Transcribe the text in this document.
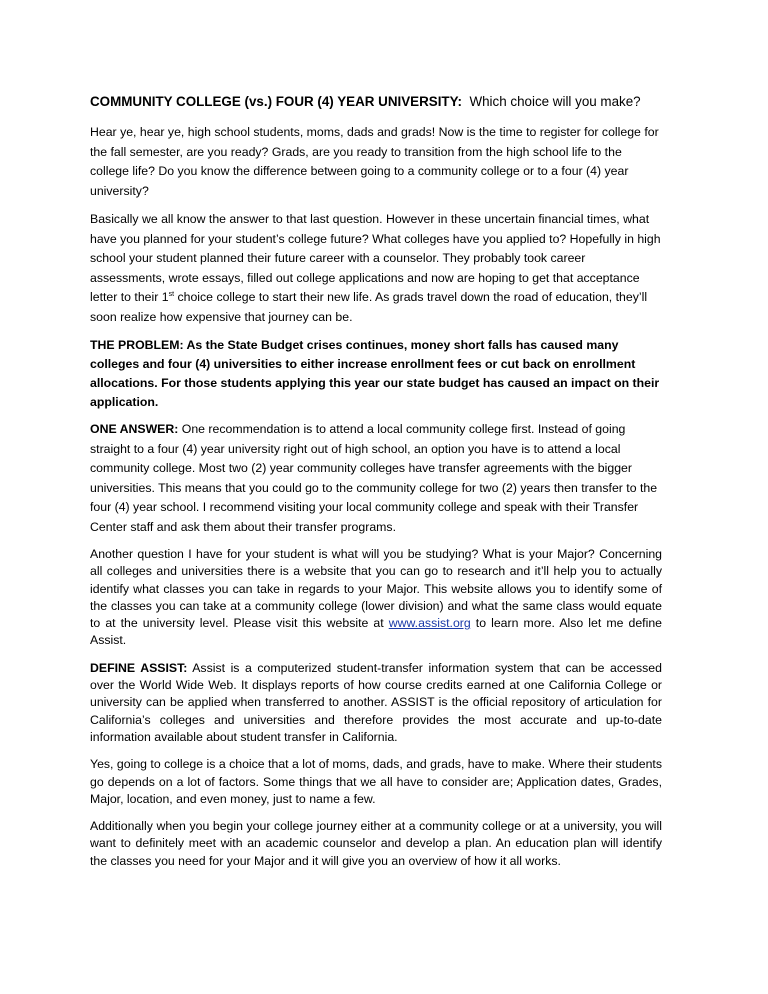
COMMUNITY COLLEGE (vs.) FOUR (4) YEAR UNIVERSITY: Which choice will you make?

Hear ye, hear ye, high school students, moms, dads and grads! Now is the time to register for college for the fall semester, are you ready? Grads, are you ready to transition from the high school life to the college life? Do you know the difference between going to a community college or to a four (4) year university?

Basically we all know the answer to that last question. However in these uncertain financial times, what have you planned for your student’s college future? What colleges have you applied to? Hopefully in high school your student planned their future career with a counselor. They probably took career assessments, wrote essays, filled out college applications and now are hoping to get that acceptance letter to their 1st choice college to start their new life. As grads travel down the road of education, they’ll soon realize how expensive that journey can be.

THE PROBLEM: As the State Budget crises continues, money short falls has caused many colleges and four (4) universities to either increase enrollment fees or cut back on enrollment allocations. For those students applying this year our state budget has caused an impact on their application.

ONE ANSWER: One recommendation is to attend a local community college first. Instead of going straight to a four (4) year university right out of high school, an option you have is to attend a local community college. Most two (2) year community colleges have transfer agreements with the bigger universities. This means that you could go to the community college for two (2) years then transfer to the four (4) year school. I recommend visiting your local community college and speak with their Transfer Center staff and ask them about their transfer programs.

Another question I have for your student is what will you be studying? What is your Major? Concerning all colleges and universities there is a website that you can go to research and it’ll help you to actually identify what classes you can take in regards to your Major. This website allows you to identify some of the classes you can take at a community college (lower division) and what the same class would equate to at the university level. Please visit this website at www.assist.org to learn more. Also let me define Assist.

DEFINE ASSIST: Assist is a computerized student-transfer information system that can be accessed over the World Wide Web. It displays reports of how course credits earned at one California College or university can be applied when transferred to another. ASSIST is the official repository of articulation for California’s colleges and universities and therefore provides the most accurate and up-to-date information available about student transfer in California.

Yes, going to college is a choice that a lot of moms, dads, and grads, have to make. Where their students go depends on a lot of factors. Some things that we all have to consider are; Application dates, Grades, Major, location, and even money, just to name a few.

Additionally when you begin your college journey either at a community college or at a university, you will want to definitely meet with an academic counselor and develop a plan. An education plan will identify the classes you need for your Major and it will give you an overview of how it all works.
